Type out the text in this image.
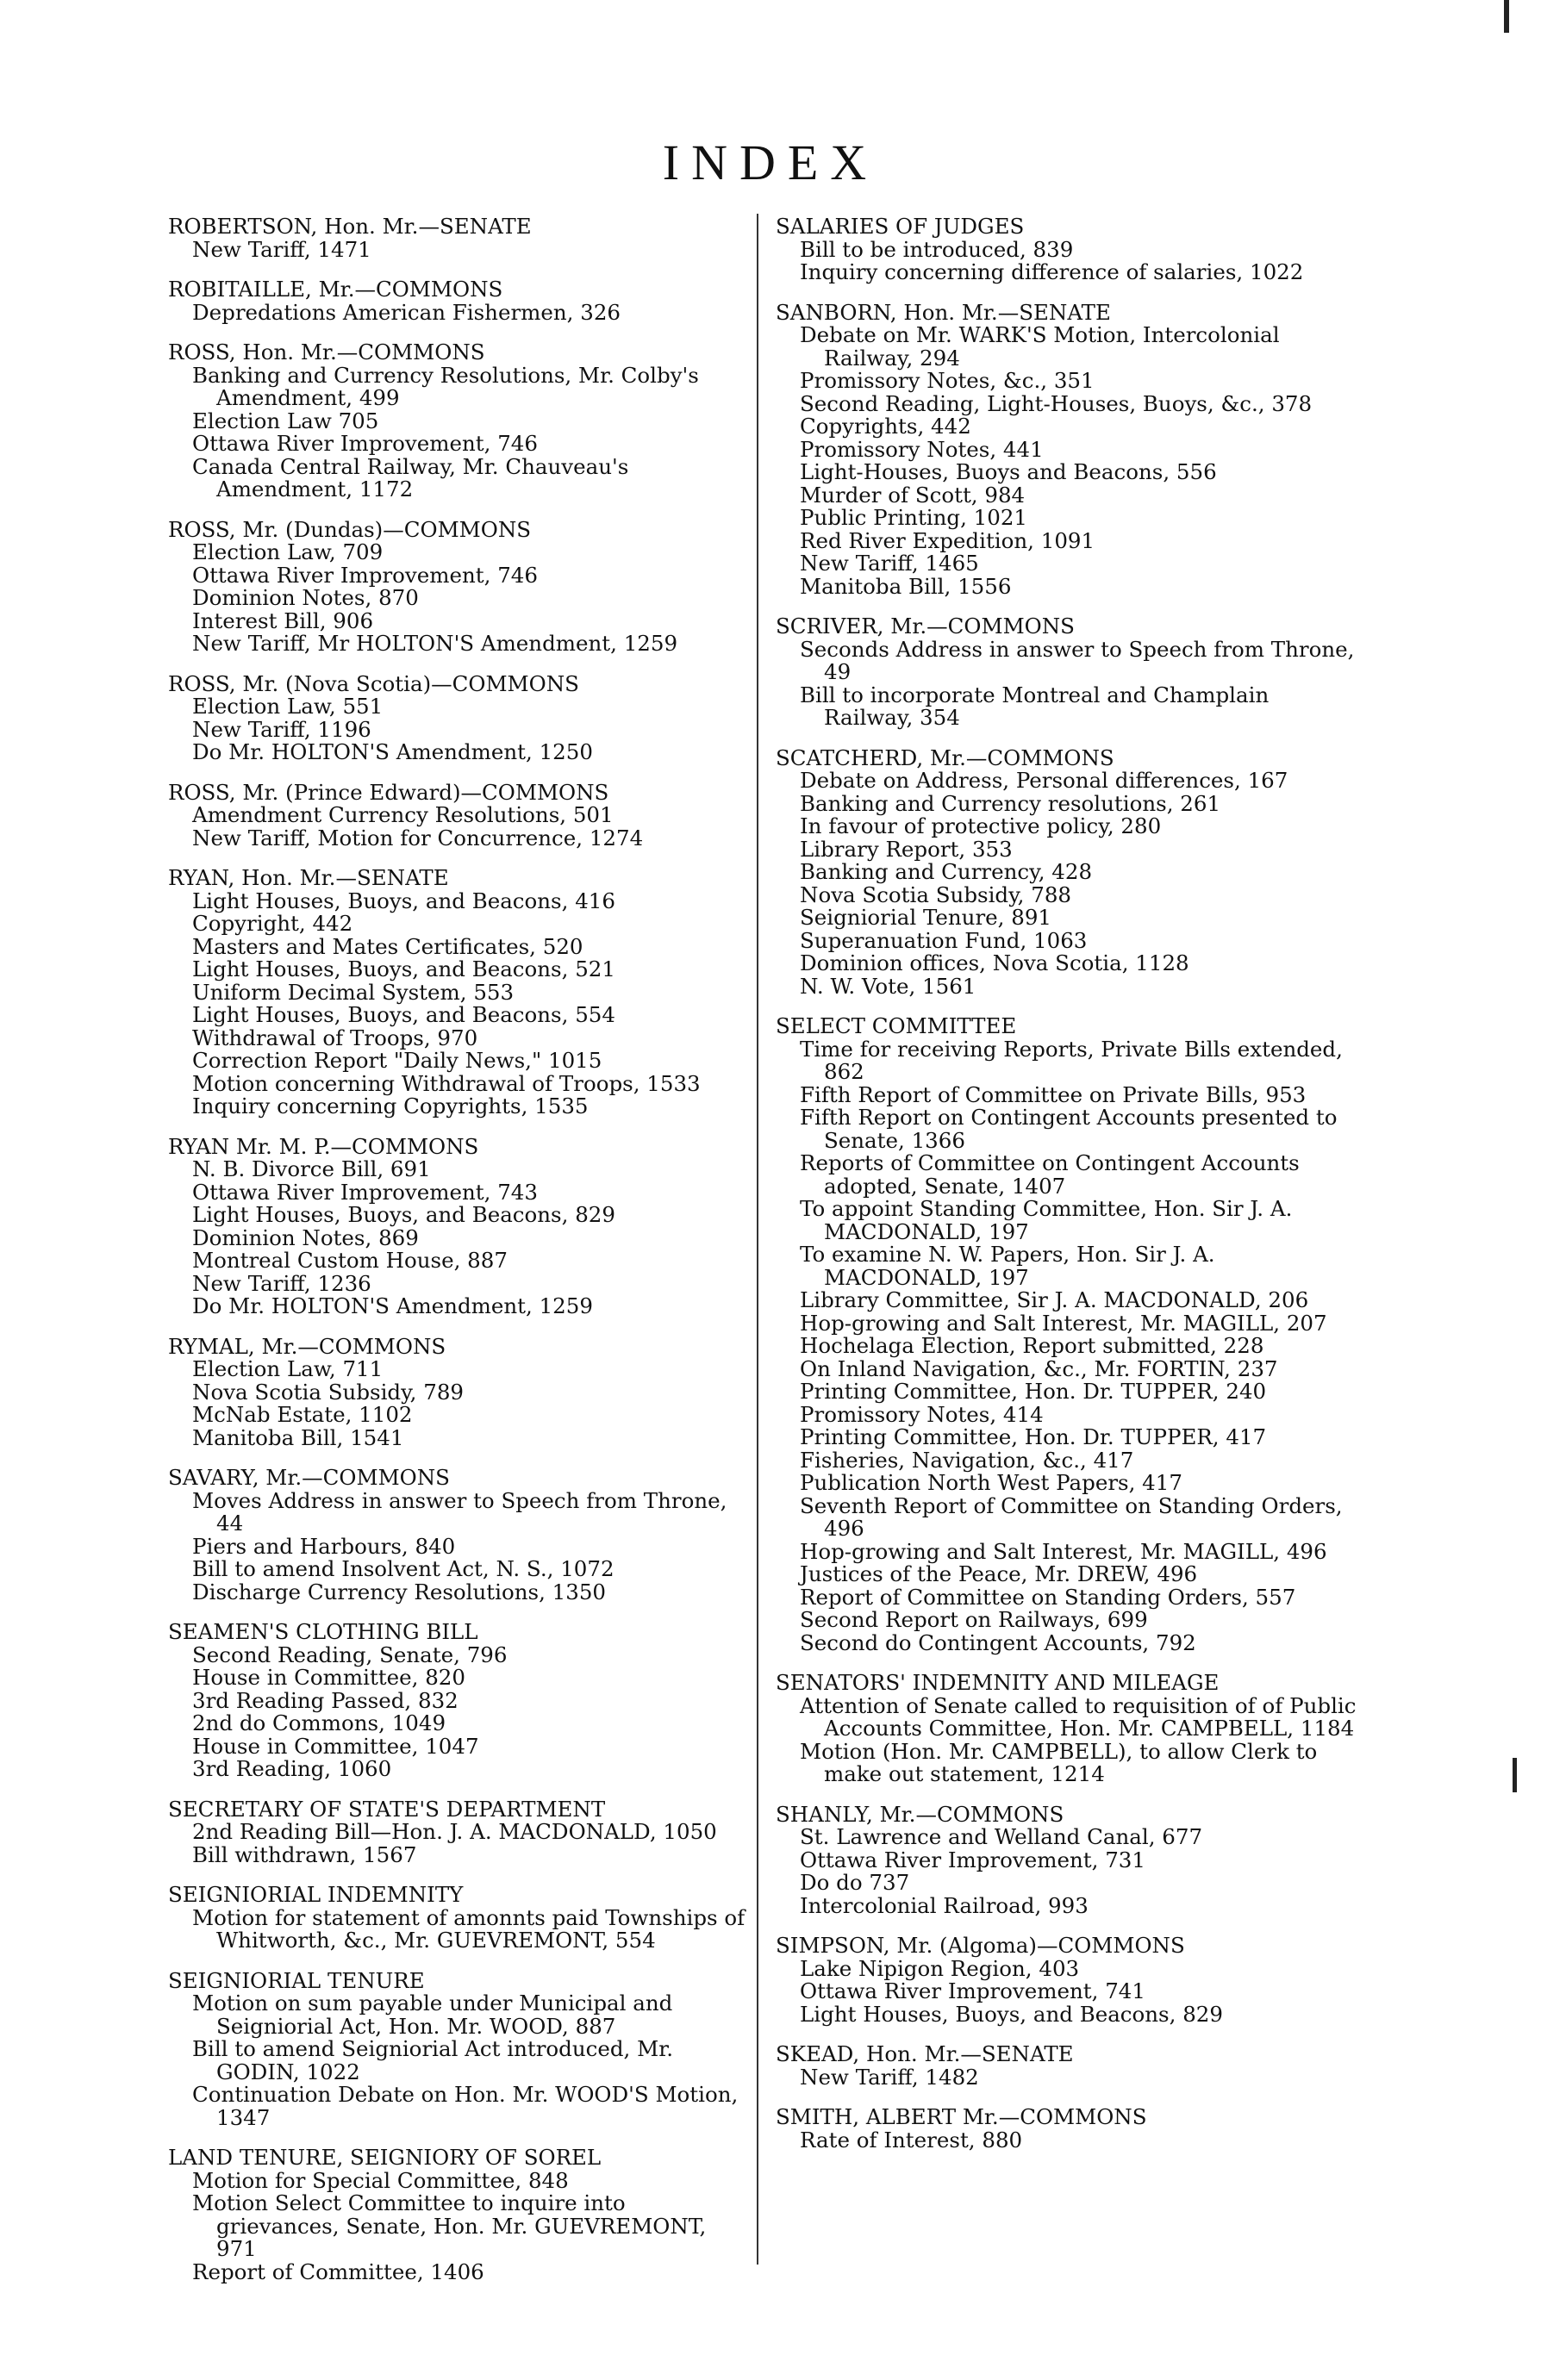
INDEX
ROBERTSON, Hon. Mr.—SENATE
New Tariff, 1471
ROBITAILLE, Mr.—COMMONS
Depredations American Fishermen, 326
ROSS, Hon. Mr.—COMMONS
Banking and Currency Resolutions, Mr. Colby's Amendment, 499
Election Law 705
Ottawa River Improvement, 746
Canada Central Railway, Mr. Chauveau's Amendment, 1172
ROSS, Mr. (Dundas)—COMMONS
Election Law, 709
Ottawa River Improvement, 746
Dominion Notes, 870
Interest Bill, 906
New Tariff, Mr HOLTON'S Amendment, 1259
ROSS, Mr. (Nova Scotia)—COMMONS
Election Law, 551
New Tariff, 1196
Do Mr. HOLTON'S Amendment, 1250
ROSS, Mr. (Prince Edward)—COMMONS
Amendment Currency Resolutions, 501
New Tariff, Motion for Concurrence, 1274
RYAN, Hon. Mr.—SENATE
Light Houses, Buoys, and Beacons, 416
Copyright, 442
Masters and Mates Certificates, 520
Light Houses, Buoys, and Beacons, 521
Uniform Decimal System, 553
Light Houses, Buoys, and Beacons, 554
Withdrawal of Troops, 970
Correction Report "Daily News," 1015
Motion concerning Withdrawal of Troops, 1533
Inquiry concerning Copyrights, 1535
RYAN Mr. M. P.—COMMONS
N. B. Divorce Bill, 691
Ottawa River Improvement, 743
Light Houses, Buoys, and Beacons, 829
Dominion Notes, 869
Montreal Custom House, 887
New Tariff, 1236
Do Mr. HOLTON'S Amendment, 1259
RYMAL, Mr.—COMMONS
Election Law, 711
Nova Scotia Subsidy, 789
McNab Estate, 1102
Manitoba Bill, 1541
SAVARY, Mr.—COMMONS
Moves Address in answer to Speech from Throne, 44
Piers and Harbours, 840
Bill to amend Insolvent Act, N. S., 1072
Discharge Currency Resolutions, 1350
SEAMEN'S CLOTHING BILL
Second Reading, Senate, 796
House in Committee, 820
3rd Reading Passed, 832
2nd do Commons, 1049
House in Committee, 1047
3rd Reading, 1060
SECRETARY OF STATE'S DEPARTMENT
2nd Reading Bill—Hon. J. A. MACDONALD, 1050
Bill withdrawn, 1567
SEIGNIORIAL INDEMNITY
Motion for statement of amonnts paid Townships of Whitworth, &c., Mr. GUEVREMONT, 554
SEIGNIORIAL TENURE
Motion on sum payable under Municipal and Seigniorial Act, Hon. Mr. WOOD, 887
Bill to amend Seigniorial Act introduced, Mr. GODIN, 1022
Continuation Debate on Hon. Mr. WOOD'S Motion, 1347
LAND TENURE, SEIGNIORY OF SOREL
Motion for Special Committee, 848
Motion Select Committee to inquire into grievances, Senate, Hon. Mr. GUEVREMONT, 971
Report of Committee, 1406
SALARIES OF JUDGES
Bill to be introduced, 839
Inquiry concerning difference of salaries, 1022
SANBORN, Hon. Mr.—SENATE
Debate on Mr. WARK'S Motion, Intercolonial Railway, 294
Promissory Notes, &c., 351
Second Reading, Light-Houses, Buoys, &c., 378
Copyrights, 442
Promissory Notes, 441
Light-Houses, Buoys and Beacons, 556
Murder of Scott, 984
Public Printing, 1021
Red River Expedition, 1091
New Tariff, 1465
Manitoba Bill, 1556
SCRIVER, Mr.—COMMONS
Seconds Address in answer to Speech from Throne, 49
Bill to incorporate Montreal and Champlain Railway, 354
SCATCHERD, Mr.—COMMONS
Debate on Address, Personal differences, 167
Banking and Currency resolutions, 261
In favour of protective policy, 280
Library Report, 353
Banking and Currency, 428
Nova Scotia Subsidy, 788
Seigniorial Tenure, 891
Superanuation Fund, 1063
Dominion offices, Nova Scotia, 1128
N. W. Vote, 1561
SELECT COMMITTEE
Time for receiving Reports, Private Bills extended, 862
Fifth Report of Committee on Private Bills, 953
Fifth Report on Contingent Accounts presented to Senate, 1366
Reports of Committee on Contingent Accounts adopted, Senate, 1407
To appoint Standing Committee, Hon. Sir J. A. MACDONALD, 197
To examine N. W. Papers, Hon. Sir J. A. MACDONALD, 197
Library Committee, Sir J. A. MACDONALD, 206
Hop-growing and Salt Interest, Mr. MAGILL, 207
Hochelaga Election, Report submitted, 228
On Inland Navigation, &c., Mr. FORTIN, 237
Printing Committee, Hon. Dr. TUPPER, 240
Promissory Notes, 414
Printing Committee, Hon. Dr. TUPPER, 417
Fisheries, Navigation, &c., 417
Publication North West Papers, 417
Seventh Report of Committee on Standing Orders, 496
Hop-growing and Salt Interest, Mr. MAGILL, 496
Justices of the Peace, Mr. DREW, 496
Report of Committee on Standing Orders, 557
Second Report on Railways, 699
Second do Contingent Accounts, 792
SENATORS' INDEMNITY AND MILEAGE
Attention of Senate called to requisition of of Public Accounts Committee, Hon. Mr. CAMPBELL, 1184
Motion (Hon. Mr. CAMPBELL), to allow Clerk to make out statement, 1214
SHANLY, Mr.—COMMONS
St. Lawrence and Welland Canal, 677
Ottawa River Improvement, 731
Do do 737
Intercolonial Railroad, 993
SIMPSON, Mr. (Algoma)—COMMONS
Lake Nipigon Region, 403
Ottawa River Improvement, 741
Light Houses, Buoys, and Beacons, 829
SKEAD, Hon. Mr.—SENATE
New Tariff, 1482
SMITH, ALBERT Mr.—COMMONS
Rate of Interest, 880
